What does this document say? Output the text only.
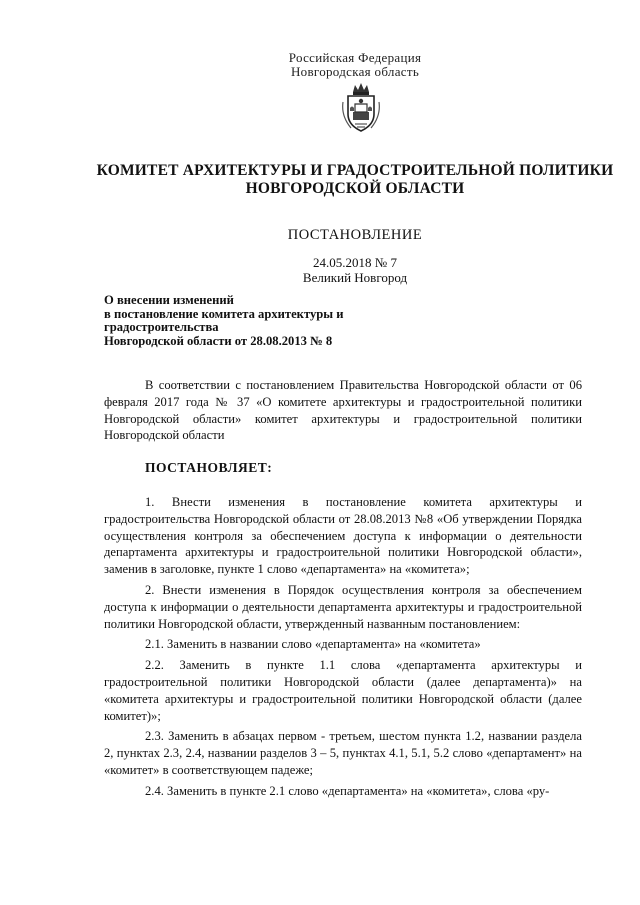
Российская Федерация
Новгородская область
КОМИТЕТ АРХИТЕКТУРЫ И ГРАДОСТРОИТЕЛЬНОЙ ПОЛИТИКИ
НОВГОРОДСКОЙ ОБЛАСТИ
ПОСТАНОВЛЕНИЕ
24.05.2018 № 7
Великий Новгород
О внесении изменений
в постановление комитета архитектуры и
градостроительства
Новгородской области от 28.08.2013 № 8
В соответствии с постановлением Правительства Новгородской области от 06 февраля 2017 года № 37 «О комитете архитектуры и градостроительной политики Новгородской области» комитет архитектуры и градостроительной политики Новгородской области
ПОСТАНОВЛЯЕТ:

1. Внести изменения в постановление комитета архитектуры и градостроительства Новгородской области от 28.08.2013 №8 «Об утверждении Порядка осуществления контроля за обеспечением доступа к информации о деятельности департамента архитектуры и градостроительной политики Новгородской области», заменив в заголовке, пункте 1 слово «департамента» на «комитета»;

2. Внести изменения в Порядок осуществления контроля за обеспечением доступа к информации о деятельности департамента архитектуры и градостроительной политики Новгородской области, утвержденный названным постановлением:

2.1. Заменить в названии слово «департамента» на «комитета»

2.2. Заменить в пункте 1.1 слова «департамента архитектуры и градостроительной политики Новгородской области (далее департамента)» на «комитета архитектуры и градостроительной политики Новгородской области (далее комитет)»;

2.3. Заменить в абзацах первом - третьем, шестом пункта 1.2, названии раздела 2, пунктах 2.3, 2.4, названии разделов 3 – 5, пунктах 4.1, 5.1, 5.2 слово «департамент» на «комитет» в соответствующем падеже;

2.4. Заменить в пункте 2.1 слово «департамента» на «комитета», слова «ру-
